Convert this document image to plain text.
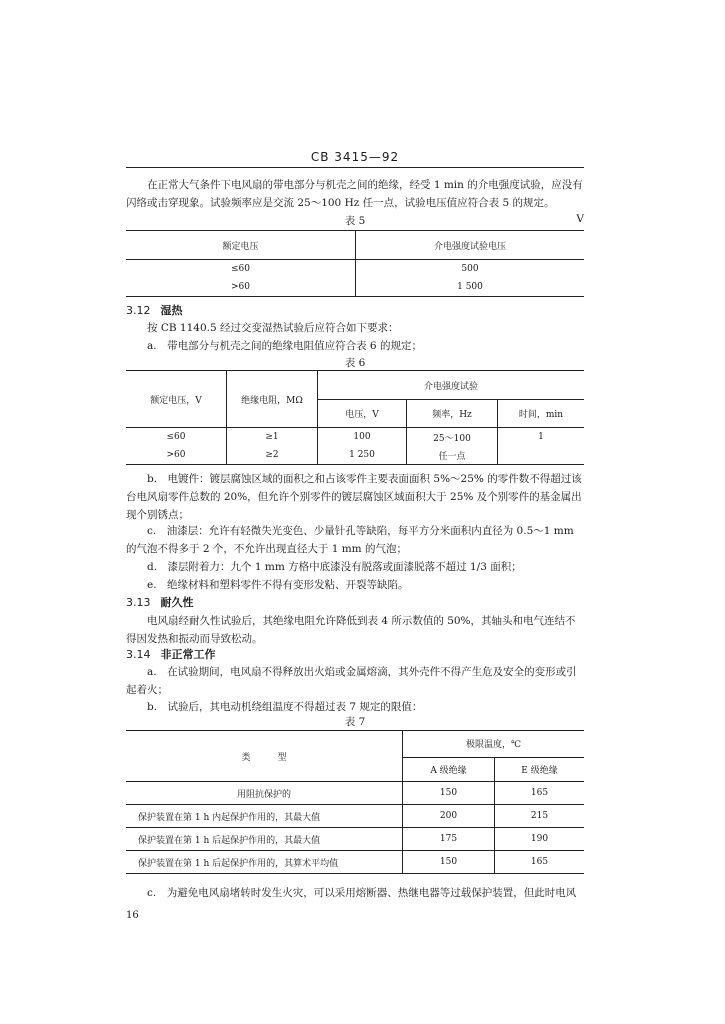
CB 3415—92
在正常大气条件下电风扇的带电部分与机壳之间的绝缘，经受 1 min 的介电强度试验，应没有闪络或击穿现象。试验频率应是交流 25～100 Hz 任一点，试验电压值应符合表 5 的规定。
表 5	V
额定电压	介电强度试验电压
≤60	500
>60	1 500
3.12 湿热
按 CB 1140.5 经过交变湿热试验后应符合如下要求：
a.　带电部分与机壳之间的绝缘电阻值应符合表 6 的规定；
表 6
额定电压，V	绝缘电阻，MΩ	介电强度试验		
		电压，V	频率，Hz	时间，min
≤60	≥1	100	25～100	1
>60	≥2	1 250	任一点	
b.　电镀件：镀层腐蚀区域的面积之和占该零件主要表面面积 5%～25% 的零件数不得超过该台电风扇零件总数的 20%，但允许个别零件的镀层腐蚀区域面积大于 25% 及个别零件的基金属出现个别锈点；
c.　油漆层：允许有轻微失光变色、少量针孔等缺陷，每平方分米面积内直径为 0.5～1 mm 的气泡不得多于 2 个，不允许出现直径大于 1 mm 的气泡；
d.　漆层附着力：九个 1 mm 方格中底漆没有脱落或面漆脱落不超过 1/3 面积；
e.　绝缘材料和塑料零件不得有变形发粘、开裂等缺陷。
3.13 耐久性
电风扇经耐久性试验后，其绝缘电阻允许降低到表 4 所示数值的 50%，其轴头和电气连结不得因发热和振动而导致松动。
3.14 非正常工作
a.　在试验期间，电风扇不得释放出火焰或金属熔滴，其外壳件不得产生危及安全的变形或引起着火；
b.　试验后，其电动机绕组温度不得超过表 7 规定的限值：
表 7
类　　　型	极限温度，℃	
	A 级绝缘	E 级绝缘
用阻抗保护的	150	165
保护装置在第 1 h 内起保护作用的，其最大值	200	215
保护装置在第 1 h 后起保护作用的，其最大值	175	190
保护装置在第 1 h 后起保护作用的，其算术平均值	150	165
c.　为避免电风扇堵转时发生火灾，可以采用熔断器、热继电器等过载保护装置，但此时电风
16
